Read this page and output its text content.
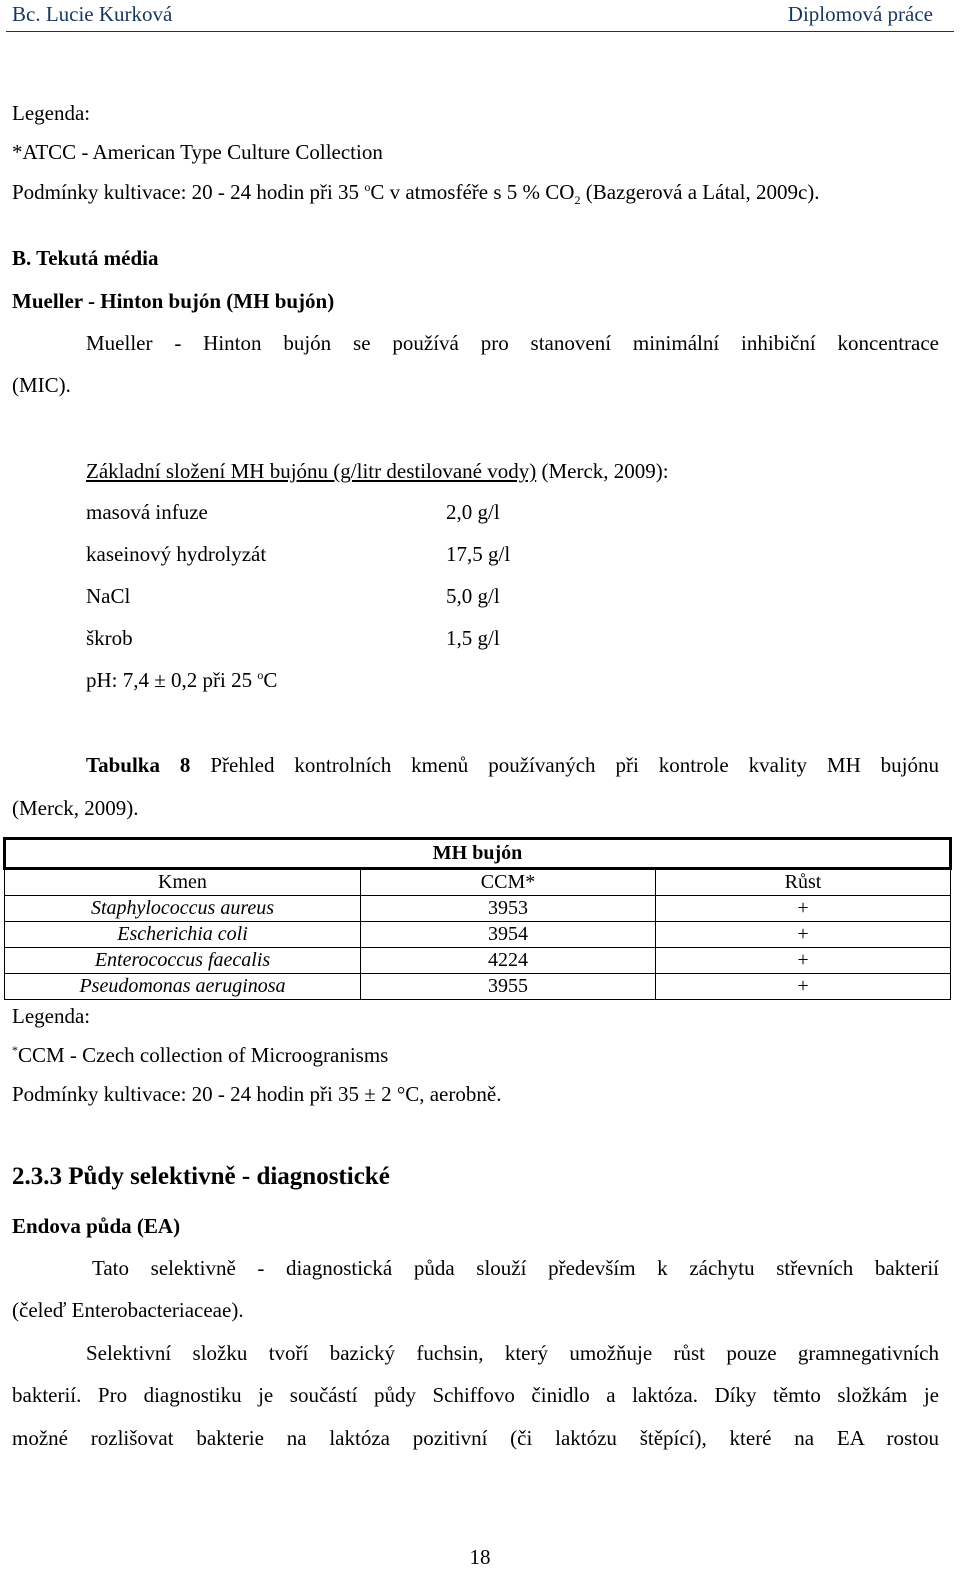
Bc. Lucie Kurková	Diplomová práce
Legenda:
*ATCC - American Type Culture Collection
Podmínky kultivace: 20 - 24 hodin při 35 $^o$C v atmosféře s 5 % $CO_2$ (Bazgerová a Látal, 2009c).
B. Tekutá média
Mueller - Hinton bujón (MH bujón)
Mueller - Hinton bujón se používá pro stanovení minimální inhibiční koncentrace
(MIC).
Základní složení MH bujónu (g/litr destilované vody) (Merck, 2009):
masová infuze	2,0 g/l
kaseinový hydrolyzát	17,5 g/l
NaCl	5,0 g/l
škrob	1,5 g/l
pH: 7,4 ± 0,2 při 25 $^o$C
Tabulka 8 Přehled kontrolních kmenů používaných při kontrole kvality MH bujónu
(Merck, 2009).
MH bujón		
Kmen	CCM*	Růst
Staphylococcus aureus	3953	+
Escherichia coli	3954	+
Enterococcus faecalis	4224	+
Pseudomonas aeruginosa	3955	+
Legenda:
*CCM - Czech collection of Microogranisms
Podmínky kultivace: 20 - 24 hodin při 35 ± 2 °C, aerobně.
2.3.3 Půdy selektivně - diagnostické
Endova půda (EA)
Tato selektivně - diagnostická půda slouží především k záchytu střevních bakterií
(čeleď Enterobacteriaceae).
Selektivní složku tvoří bazický fuchsin, který umožňuje růst pouze gramnegativních
bakterií. Pro diagnostiku je součástí půdy Schiffovo činidlo a laktóza. Díky těmto složkám je
možné rozlišovat bakterie na laktóza pozitivní (či laktózu štěpící), které na EA rostou
18
